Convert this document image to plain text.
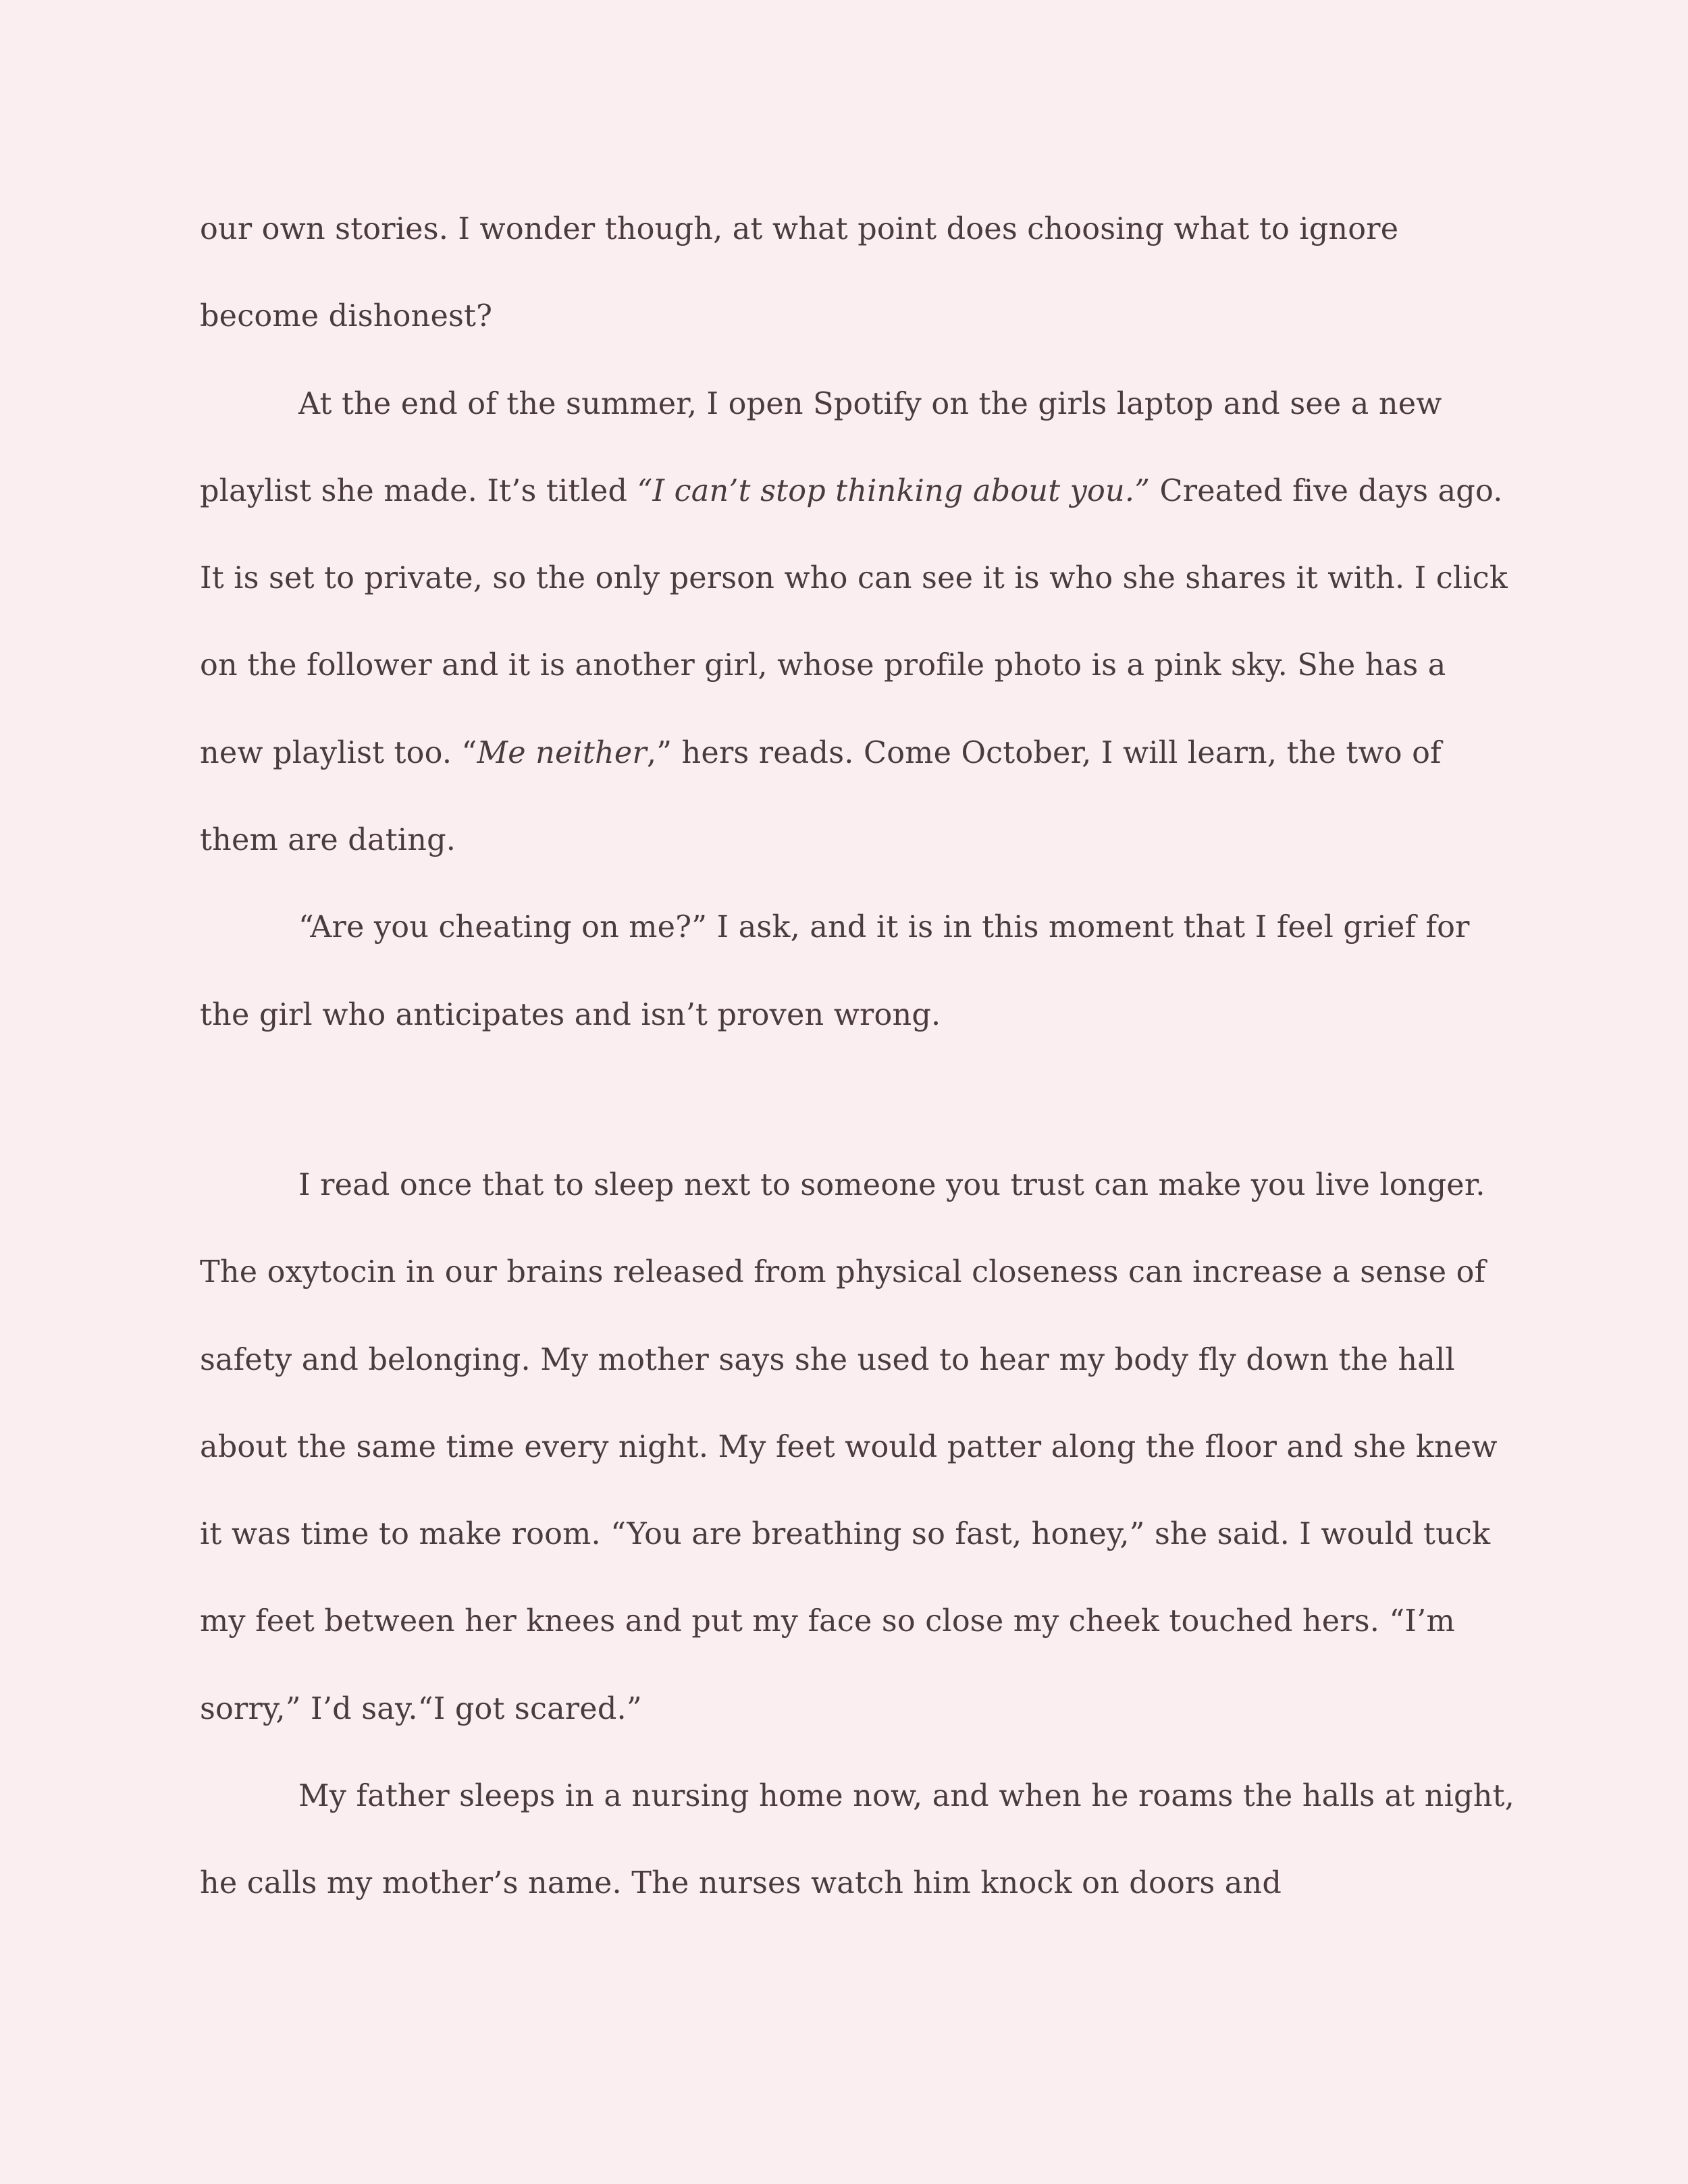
our own stories. I wonder though, at what point does choosing what to ignore become dishonest?

At the end of the summer, I open Spotify on the girls laptop and see a new playlist she made. It’s titled “I can’t stop thinking about you.” Created five days ago. It is set to private, so the only person who can see it is who she shares it with. I click on the follower and it is another girl, whose profile photo is a pink sky. She has a new playlist too. “Me neither,” hers reads. Come October, I will learn, the two of them are dating.

“Are you cheating on me?” I ask, and it is in this moment that I feel grief for the girl who anticipates and isn’t proven wrong.

I read once that to sleep next to someone you trust can make you live longer. The oxytocin in our brains released from physical closeness can increase a sense of safety and belonging. My mother says she used to hear my body fly down the hall about the same time every night. My feet would patter along the floor and she knew it was time to make room. “You are breathing so fast, honey,” she said. I would tuck my feet between her knees and put my face so close my cheek touched hers. “I’m sorry,” I’d say.“I got scared.”

My father sleeps in a nursing home now, and when he roams the halls at night, he calls my mother’s name. The nurses watch him knock on doors and
